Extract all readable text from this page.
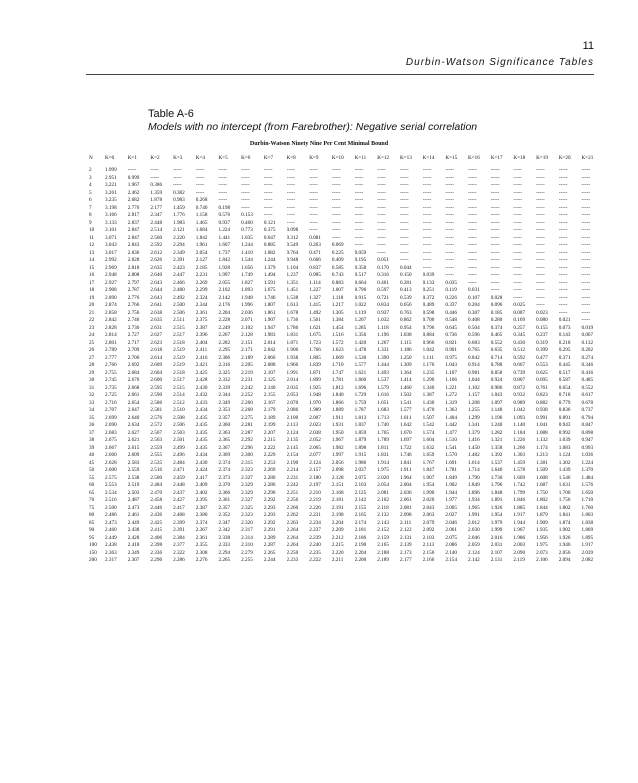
11
Durbin-Watson Significance Tables
Table A-6
Models with no intercept (from Farebrother): Negative serial correlation
Durbin-Watson Ninety Nine Per Cent Minimal Bound
N	K=0	K=1	K=2	K=3	K=4	K=5	K=6	K=7	K=8	K=9	K=10	K=11	K=12	K=13	K=14	K=15	K=16	K=17	K=18	K=19	K=20	K=21
2	1.999	-----	-----	-----	-----	-----	-----	-----	-----	-----	-----	-----	-----	-----	-----	-----	-----	-----	-----	-----	-----	-----
3	2.951	0.999	-----	-----	-----	-----	-----	-----	-----	-----	-----	-----	-----	-----	-----	-----	-----	-----	-----	-----	-----	-----
4	3.221	1.967	0.386	-----	-----	-----	-----	-----	-----	-----	-----	-----	-----	-----	-----	-----	-----	-----	-----	-----	-----	-----
5	3.261	2.462	1.359	0.382	-----	-----	-----	-----	-----	-----	-----	-----	-----	-----	-----	-----	-----	-----	-----	-----	-----	-----
6	3.235	2.682	1.878	0.983	0.268	-----	-----	-----	-----	-----	-----	-----	-----	-----	-----	-----	-----	-----	-----	-----	-----	-----
7	3.198	2.776	2.177	1.459	0.740	0.198	-----	-----	-----	-----	-----	-----	-----	-----	-----	-----	-----	-----	-----	-----	-----	-----
8	3.166	2.817	2.347	1.776	1.158	0.576	0.153	-----	-----	-----	-----	-----	-----	-----	-----	-----	-----	-----	-----	-----	-----	-----
9	3.133	2.837	2.448	1.983	1.465	0.937	0.460	0.121	-----	-----	-----	-----	-----	-----	-----	-----	-----	-----	-----	-----	-----	-----
10	3.101	2.847	2.514	2.121	1.684	1.224	0.773	0.375	0.098	-----	-----	-----	-----	-----	-----	-----	-----	-----	-----	-----	-----	-----
11	3.071	2.847	2.560	2.220	1.842	1.441	1.035	0.647	0.312	0.081	-----	-----	-----	-----	-----	-----	-----	-----	-----	-----	-----	-----
12	3.043	2.843	2.592	2.294	1.961	1.607	1.244	0.885	0.549	0.263	0.069	-----	-----	-----	-----	-----	-----	-----	-----	-----	-----	-----
13	3.017	2.836	2.612	2.349	2.054	1.737	1.410	1.082	0.764	0.471	0.225	0.059	-----	-----	-----	-----	-----	-----	-----	-----	-----	-----
14	2.992	2.828	2.626	2.391	2.127	1.842	1.544	1.244	0.948	0.666	0.409	0.195	0.051	-----	-----	-----	-----	-----	-----	-----	-----	-----
15	2.969	2.818	2.635	2.423	2.185	1.928	1.656	1.379	1.104	0.837	0.585	0.358	0.170	0.044	-----	-----	-----	-----	-----	-----	-----	-----
16	2.948	2.808	2.640	2.447	2.231	1.997	1.749	1.494	1.237	0.985	0.743	0.517	0.316	0.150	0.039	-----	-----	-----	-----	-----	-----	-----
17	2.927	2.797	2.643	2.466	2.269	2.055	1.827	1.591	1.351	1.114	0.883	0.664	0.461	0.281	0.133	0.035	-----	-----	-----	-----	-----	-----
18	2.908	2.787	2.644	2.480	2.299	2.102	1.893	1.675	1.451	1.227	1.007	0.796	0.597	0.413	0.251	0.119	0.031	-----	-----	-----	-----	-----
19	2.890	2.776	2.643	2.492	2.324	2.142	1.948	1.746	1.538	1.327	1.118	0.915	0.721	0.539	0.372	0.226	0.107	0.028	-----	-----	-----	-----
20	2.874	2.766	2.641	2.500	2.344	2.176	1.996	1.807	1.613	1.415	1.217	1.022	0.834	0.656	0.489	0.337	0.204	0.096	0.025	-----	-----	-----
21	2.858	2.756	2.638	2.506	2.361	2.204	2.036	1.861	1.678	1.492	1.305	1.119	0.937	0.763	0.598	0.446	0.307	0.185	0.087	0.023	-----	-----
22	2.842	2.746	2.635	2.511	2.375	2.228	2.071	1.907	1.736	1.561	1.384	1.207	1.032	0.862	0.700	0.548	0.408	0.280	0.169	0.080	0.021	-----
23	2.828	2.736	2.631	2.515	2.387	2.249	2.102	1.947	1.786	1.621	1.454	1.285	1.118	0.954	0.796	0.645	0.504	0.374	0.257	0.155	0.073	0.019
24	2.814	2.727	2.627	2.517	2.396	2.267	2.128	1.983	1.831	1.675	1.516	1.356	1.196	1.038	0.884	0.736	0.596	0.465	0.345	0.237	0.143	0.067
25	2.801	2.717	2.623	2.518	2.404	2.282	2.151	2.014	1.871	1.723	1.572	1.420	1.267	1.115	0.966	0.821	0.683	0.552	0.430	0.319	0.218	0.132
26	2.789	2.709	2.618	2.519	2.411	2.295	2.171	2.042	1.906	1.766	1.623	1.478	1.331	1.186	1.042	0.901	0.765	0.635	0.512	0.399	0.295	0.202
27	2.777	2.700	2.614	2.519	2.416	2.306	2.189	2.066	1.938	1.805	1.669	1.530	1.390	1.250	1.111	0.975	0.842	0.714	0.592	0.477	0.371	0.274
28	2.766	2.692	2.609	2.519	2.421	2.316	2.205	2.088	1.966	1.839	1.710	1.577	1.444	1.309	1.176	1.043	0.914	0.788	0.667	0.553	0.445	0.346
29	2.755	2.684	2.604	2.518	2.425	2.325	2.219	2.107	1.991	1.871	1.747	1.621	1.493	1.364	1.235	1.107	0.981	0.858	0.739	0.625	0.517	0.416
30	2.745	2.676	2.600	2.517	2.428	2.332	2.231	2.125	2.014	1.899	1.781	1.660	1.537	1.414	1.290	1.166	1.044	0.924	0.807	0.695	0.587	0.485
31	2.735	2.668	2.595	2.515	2.430	2.339	2.242	2.140	2.035	1.925	1.812	1.696	1.579	1.460	1.340	1.221	1.102	0.986	0.872	0.761	0.654	0.552
32	2.725	2.661	2.590	2.514	2.432	2.344	2.252	2.155	2.053	1.948	1.840	1.729	1.616	1.502	1.387	1.272	1.157	1.043	0.932	0.823	0.718	0.617
33	2.716	2.654	2.586	2.512	2.433	2.349	2.260	2.167	2.070	1.970	1.866	1.759	1.651	1.541	1.430	1.319	1.208	1.097	0.989	0.882	0.779	0.678
34	2.707	2.647	2.581	2.510	2.434	2.353	2.268	2.179	2.086	1.989	1.889	1.787	1.683	1.577	1.470	1.363	1.255	1.148	1.042	0.938	0.836	0.737
35	2.699	2.640	2.576	2.508	2.435	2.357	2.275	2.189	2.100	2.007	1.911	1.813	1.713	1.611	1.507	1.404	1.299	1.196	1.093	0.991	0.891	0.794
36	2.690	2.634	2.572	2.506	2.435	2.360	2.281	2.199	2.113	2.023	1.931	1.837	1.740	1.642	1.542	1.442	1.341	1.240	1.140	1.041	0.943	0.847
37	2.683	2.627	2.567	2.503	2.435	2.363	2.287	2.207	2.124	2.038	1.950	1.859	1.765	1.670	1.574	1.477	1.379	1.282	1.184	1.088	0.992	0.898
38	2.675	2.621	2.563	2.501	2.435	2.365	2.292	2.215	2.135	2.052	1.967	1.879	1.789	1.697	1.604	1.510	1.416	1.321	1.226	1.132	1.039	0.947
39	2.667	2.615	2.559	2.499	2.435	2.367	2.296	2.222	2.145	2.065	1.982	1.898	1.811	1.722	1.632	1.541	1.450	1.358	1.266	1.174	1.083	0.993
40	2.660	2.609	2.555	2.496	2.434	2.369	2.300	2.229	2.154	2.077	1.997	1.915	1.831	1.746	1.659	1.570	1.482	1.392	1.303	1.213	1.124	1.036
45	2.628	2.583	2.535	2.484	2.430	2.374	2.315	2.253	2.190	2.124	2.056	1.986	1.914	1.841	1.767	1.691	1.614	1.537	1.459	1.381	1.302	1.224
50	2.600	2.559	2.516	2.471	2.424	2.374	2.323	2.269	2.214	2.157	2.098	2.037	1.975	1.911	1.847	1.781	1.714	1.646	1.578	1.509	1.439	1.370
55	2.575	2.538	2.500	2.459	2.417	2.373	2.327	2.280	2.231	2.180	2.128	2.075	2.020	1.964	1.907	1.849	1.790	1.730	1.669	1.608	1.546	1.484
60	2.553	2.519	2.484	2.448	2.409	2.370	2.329	2.286	2.242	2.197	2.151	2.103	2.054	2.004	1.954	1.902	1.849	1.796	1.742	1.687	1.631	1.576
65	2.534	2.503	2.470	2.437	2.402	2.366	2.329	2.290	2.251	2.210	2.168	2.125	2.081	2.036	1.990	1.944	1.896	1.848	1.799	1.750	1.700	1.650
70	2.516	2.487	2.458	2.427	2.395	2.361	2.327	2.292	2.256	2.219	2.181	2.142	2.102	2.061	2.020	1.977	1.934	1.891	1.846	1.802	1.756	1.710
75	2.500	2.473	2.446	2.417	2.387	2.357	2.325	2.293	2.260	2.226	2.191	2.155	2.118	2.081	2.043	2.005	1.965	1.926	1.885	1.844	1.802	1.760
80	2.486	2.461	2.436	2.408	2.380	2.352	2.323	2.293	2.262	2.231	2.198	2.165	2.132	2.098	2.063	2.027	1.991	1.954	1.917	1.879	1.841	1.803
85	2.473	2.449	2.425	2.399	2.374	2.347	2.320	2.292	2.263	2.234	2.204	2.174	2.143	2.111	2.079	2.046	2.012	1.979	1.944	1.909	1.874	1.838
90	2.460	2.438	2.415	2.391	2.367	2.342	2.317	2.291	2.264	2.237	2.209	2.181	2.152	2.122	2.092	2.061	2.030	1.999	1.967	1.935	1.902	1.869
95	2.449	2.428	2.406	2.384	2.361	2.338	2.314	2.289	2.264	2.239	2.212	2.186	2.159	2.131	2.103	2.075	2.046	2.016	1.986	1.956	1.926	1.895
100	2.438	2.418	2.398	2.377	2.355	2.333	2.310	2.287	2.264	2.240	2.215	2.190	2.165	2.139	2.113	2.086	2.059	2.031	2.003	1.975	1.946	1.917
150	2.363	2.349	2.336	2.322	2.308	2.294	2.279	2.265	2.250	2.235	2.220	2.204	2.188	2.173	2.156	2.140	2.124	2.107	2.090	2.073	2.056	2.039
200	2.317	2.307	2.296	2.286	2.276	2.265	2.255	2.244	2.233	2.222	2.211	2.200	2.189	2.177	2.166	2.154	2.142	2.131	2.119	2.106	2.094	2.082
